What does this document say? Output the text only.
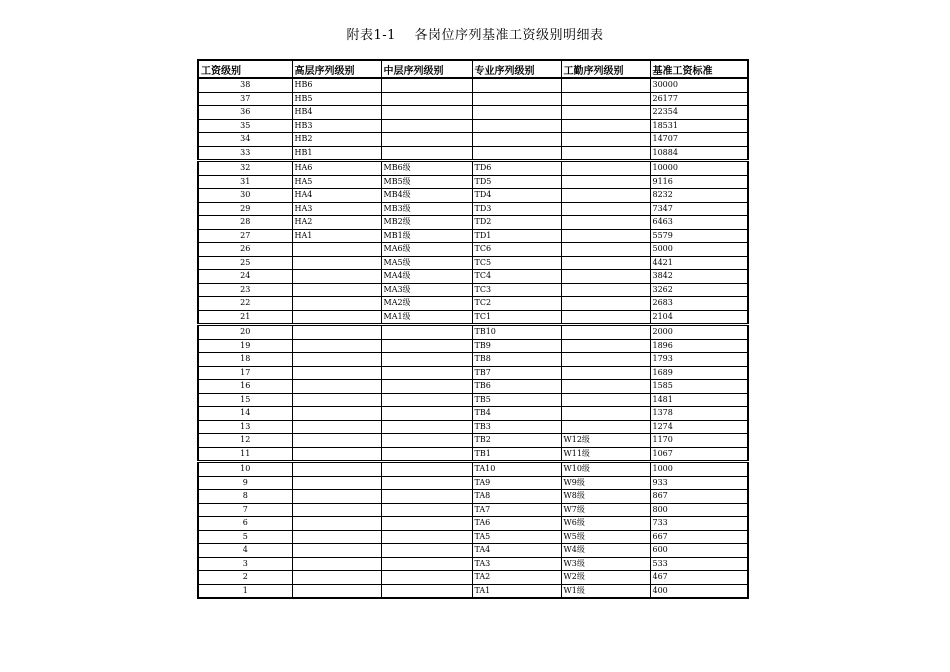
附表1-1 各岗位序列基准工资级别明细表
工资级别	高层序列级别	中层序列级别	专业序列级别	工勤序列级别	基准工资标准
38	HB6				30000
37	HB5				26177
36	HB4				22354
35	HB3				18531
34	HB2				14707
33	HB1				10884
32	HA6	MB6级	TD6		10000
31	HA5	MB5级	TD5		9116
30	HA4	MB4级	TD4		8232
29	HA3	MB3级	TD3		7347
28	HA2	MB2级	TD2		6463
27	HA1	MB1级	TD1		5579
26		MA6级	TC6		5000
25		MA5级	TC5		4421
24		MA4级	TC4		3842
23		MA3级	TC3		3262
22		MA2级	TC2		2683
21		MA1级	TC1		2104
20			TB10		2000
19			TB9		1896
18			TB8		1793
17			TB7		1689
16			TB6		1585
15			TB5		1481
14			TB4		1378
13			TB3		1274
12			TB2	W12级	1170
11			TB1	W11级	1067
10			TA10	W10级	1000
9			TA9	W9级	933
8			TA8	W8级	867
7			TA7	W7级	800
6			TA6	W6级	733
5			TA5	W5级	667
4			TA4	W4级	600
3			TA3	W3级	533
2			TA2	W2级	467
1			TA1	W1级	400
